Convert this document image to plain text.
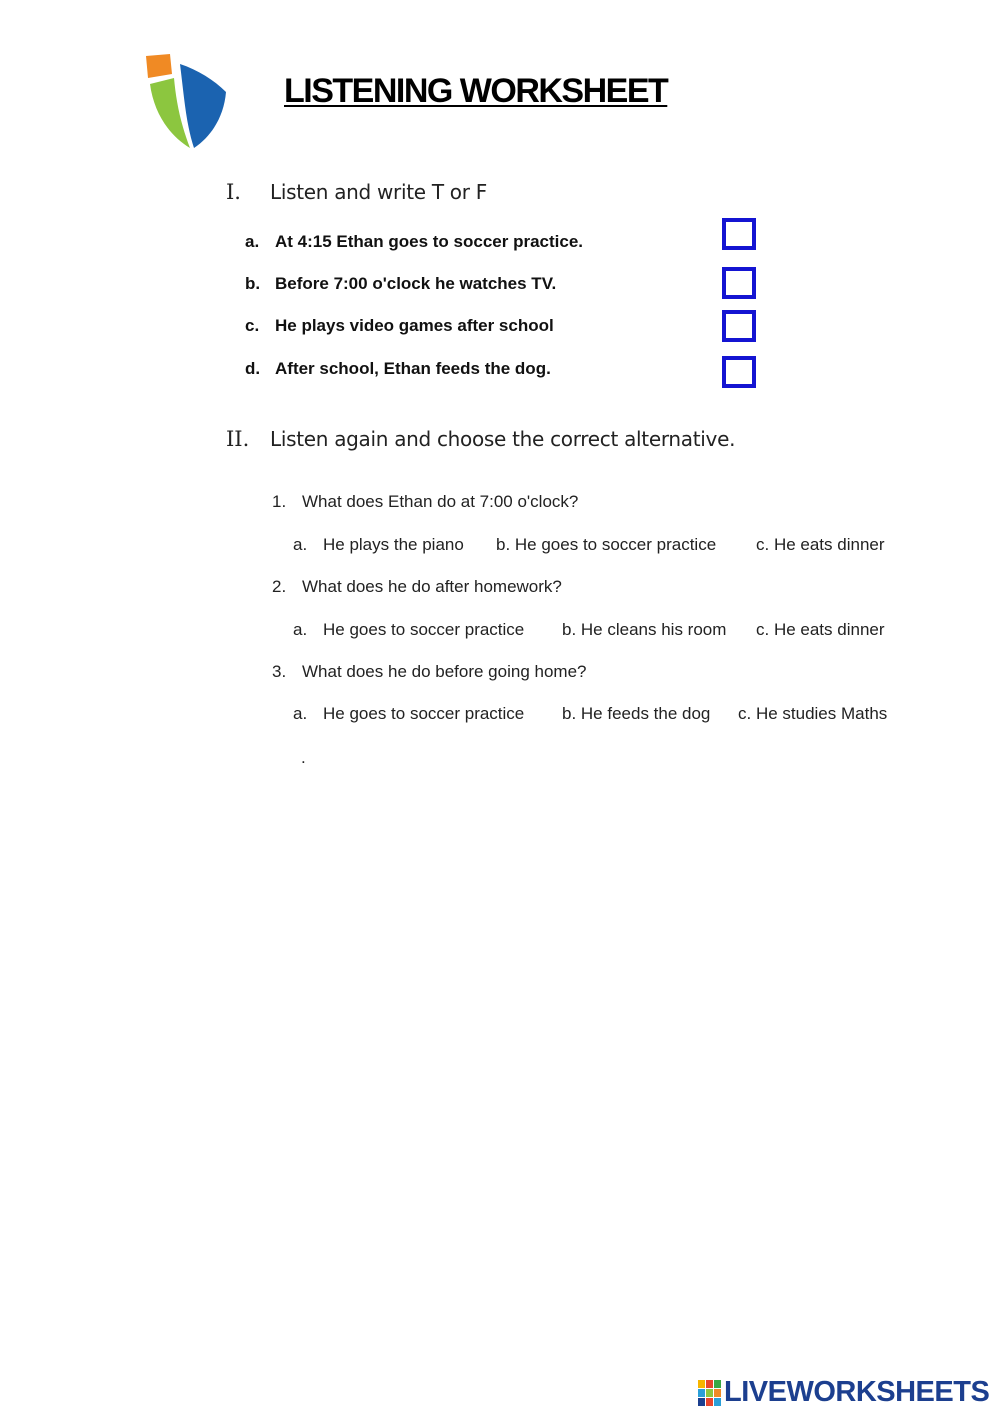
LISTENING WORKSHEET
I. Listen and write T or F
a. At 4:15 Ethan goes to soccer practice.
b. Before 7:00 o'clock he watches TV.
c. He plays video games after school
d. After school, Ethan feeds the dog.
II. Listen again and choose the correct alternative.
1. What does Ethan do at 7:00 o'clock?
a. He plays the piano b. He goes to soccer practice c. He eats dinner
2. What does he do after homework?
a. He goes to soccer practice b. He cleans his room c. He eats dinner
3. What does he do before going home?
a. He goes to soccer practice b. He feeds the dog c. He studies Maths
.
LIVEWORKSHEETS
